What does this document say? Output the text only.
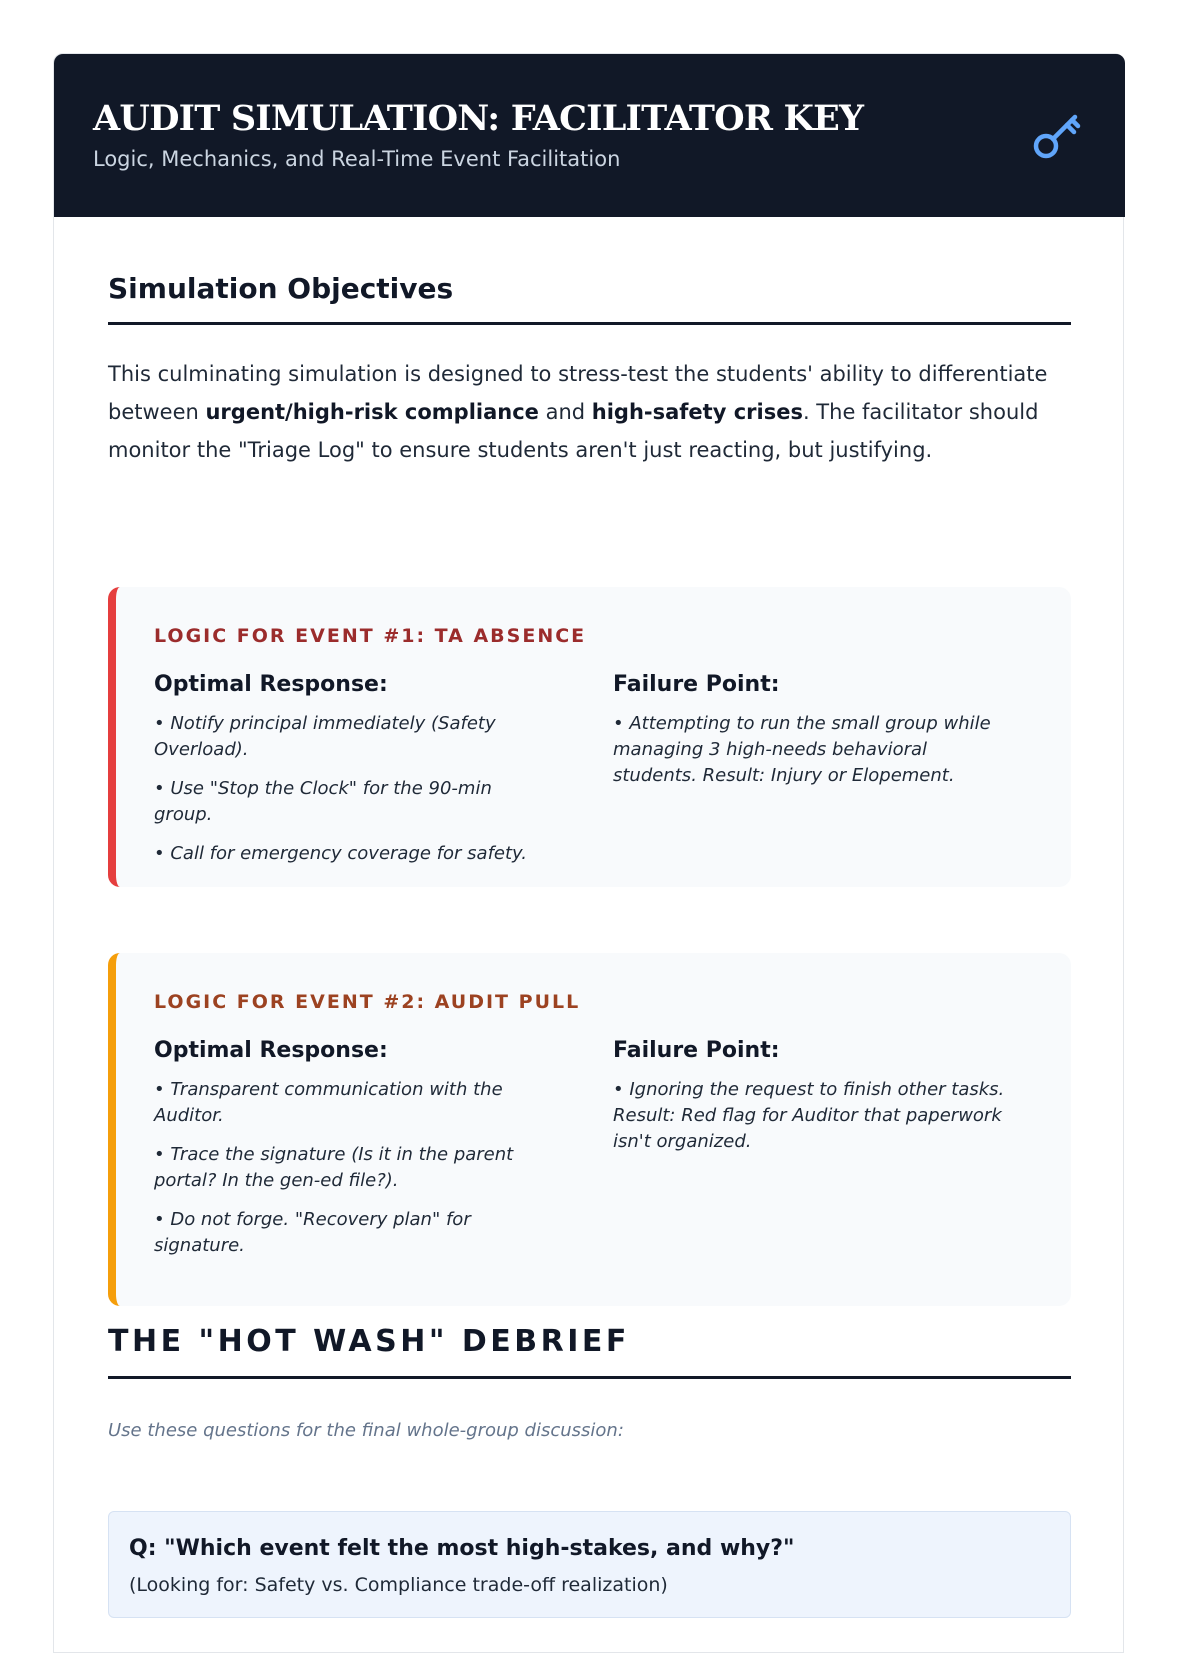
AUDIT SIMULATION: FACILITATOR KEY
Logic, Mechanics, and Real-Time Event Facilitation
Simulation Objectives

This culminating simulation is designed to stress-test the students' ability to differentiate between urgent/high-risk compliance and high-safety crises. The facilitator should monitor the "Triage Log" to ensure students aren't just reacting, but justifying.

LOGIC FOR EVENT #1: TA ABSENCE
Optimal Response:

• Notify principal immediately (Safety Overload).

• Use "Stop the Clock" for the 90-min group.

• Call for emergency coverage for safety.

Failure Point:

• Attempting to run the small group while managing 3 high-needs behavioral students. Result: Injury or Elopement.

LOGIC FOR EVENT #2: AUDIT PULL
Optimal Response:

• Transparent communication with the Auditor.

• Trace the signature (Is it in the parent portal? In the gen-ed file?).

• Do not forge. "Recovery plan" for signature.

Failure Point:

• Ignoring the request to finish other tasks. Result: Red flag for Auditor that paperwork isn't organized.

THE "HOT WASH" DEBRIEF
Use these questions for the final whole-group discussion:
Q: "Which event felt the most high-stakes, and why?"
(Looking for: Safety vs. Compliance trade-off realization)
